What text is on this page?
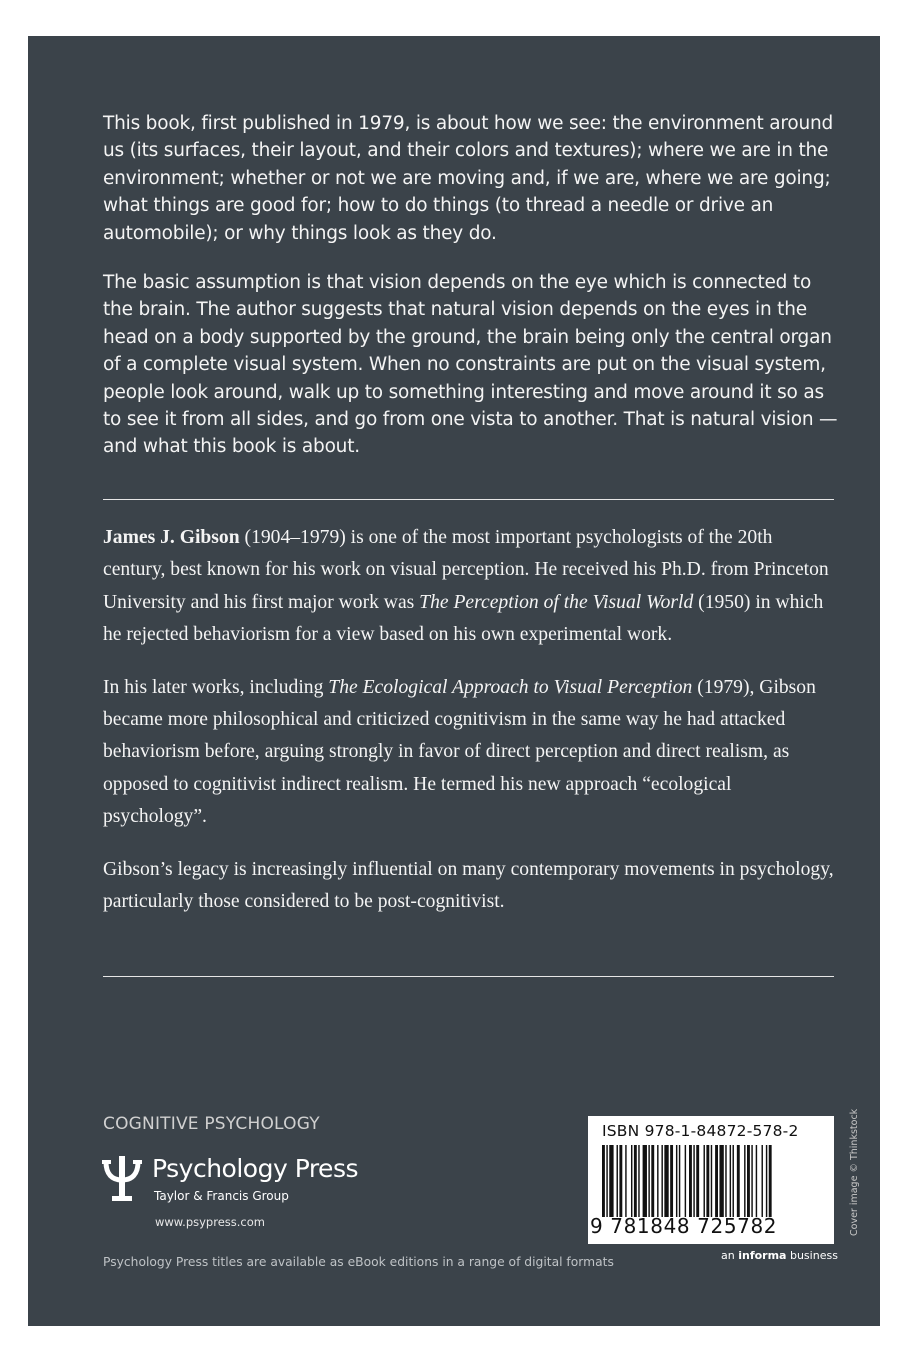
This book, first published in 1979, is about how we see: the environment around us (its surfaces, their layout, and their colors and textures); where we are in the environment; whether or not we are moving and, if we are, where we are going; what things are good for; how to do things (to thread a needle or drive an automobile); or why things look as they do.

The basic assumption is that vision depends on the eye which is connected to the brain. The author suggests that natural vision depends on the eyes in the head on a body supported by the ground, the brain being only the central organ of a complete visual system. When no constraints are put on the visual system, people look around, walk up to something interesting and move around it so as to see it from all sides, and go from one vista to another. That is natural vision — and what this book is about.

James J. Gibson (1904–1979) is one of the most important psychologists of the 20th century, best known for his work on visual perception. He received his Ph.D. from Princeton University and his first major work was The Perception of the Visual World (1950) in which he rejected behaviorism for a view based on his own experimental work.

In his later works, including The Ecological Approach to Visual Perception (1979), Gibson became more philosophical and criticized cognitivism in the same way he had attacked behaviorism before, arguing strongly in favor of direct perception and direct realism, as opposed to cognitivist indirect realism. He termed his new approach “ecological psychology”.

Gibson’s legacy is increasingly influential on many contemporary movements in psychology, particularly those considered to be post-cognitivist.

COGNITIVE PSYCHOLOGY
Psychology Press
Taylor & Francis Group
www.psypress.com
Psychology Press titles are available as eBook editions in a range of digital formats
ISBN 978-1-84872-578-2
9 781848 725782
an informa business
Cover image © Thinkstock
